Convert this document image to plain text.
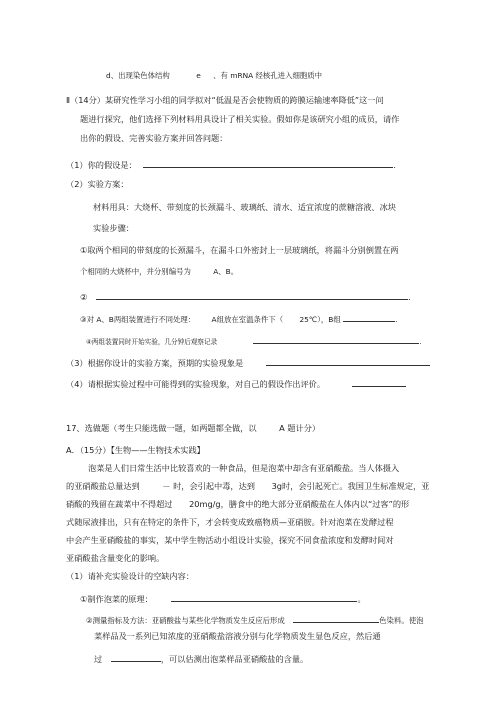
d、出现染色体结构	e 、有 mRNA 经核孔进入细胞质中
Ⅱ（14分）某研究性学习小组的同学拟对“低温是否会使物质的跨膜运输速率降低”这一问
题进行探究，他们选择下列材料用具设计了相关实验。假如你是该研究小组的成员，请作
出你的假设、完善实验方案并回答问题：
（1）你的假设是：	.
（2）实验方案：
材料用具：大烧杯、带刻度的长颈漏斗、玻璃纸、清水、适宜浓度的蔗糖溶液、冰块
实验步骤：
①取两个相同的带刻度的长颈漏斗，在漏斗口外密封上一层玻璃纸，将漏斗分别倒置在两
个相同的大烧杯中，并分别编号为	A、B。
②	.
③对 A、B两组装置进行不同处理： A组放在室温条件下（ 25℃），B组	.
④两组装置同时开始实验，几分钟后观察记录	.
（3）根据你设计的实验方案，预期的实验现象是
（4）请根据实验过程中可能得到的实验现象，对自己的假设作出评价。
17、选做题（考生只能选做一题，如两题都全做，以	A 题计分）
A．（15分）【生物——生物技术实践】
泡菜是人们日常生活中比较喜欢的一种食品，但是泡菜中却含有亚硝酸盐。当人体摄入
的亚硝酸盐总量达到	－ 时，会引起中毒，达到 3g时，会引起死亡。我国卫生标准规定，亚
硝酸的残留在蔬菜中不得超过 20mg/g，膳食中的绝大部分亚硝酸盐在人体内以“过客”的形
式随尿液排出，只有在特定的条件下，才会转变成致癌物质—亚硝胺。针对泡菜在发酵过程
中会产生亚硝酸盐的事实，某中学生物活动小组设计实验，探究不同食盐浓度和发酵时间对
亚硝酸盐含量变化的影响。
（1）请补充实验设计的空缺内容：
①制作泡菜的原理：	。
②测量指标及方法：亚硝酸盐与某些化学物质发生反应后形成	色染料。使泡
菜样品及一系列已知浓度的亚硝酸盐溶液分别与化学物质发生显色反应，然后通
过	，可以估测出泡菜样品亚硝酸盐的含量。
